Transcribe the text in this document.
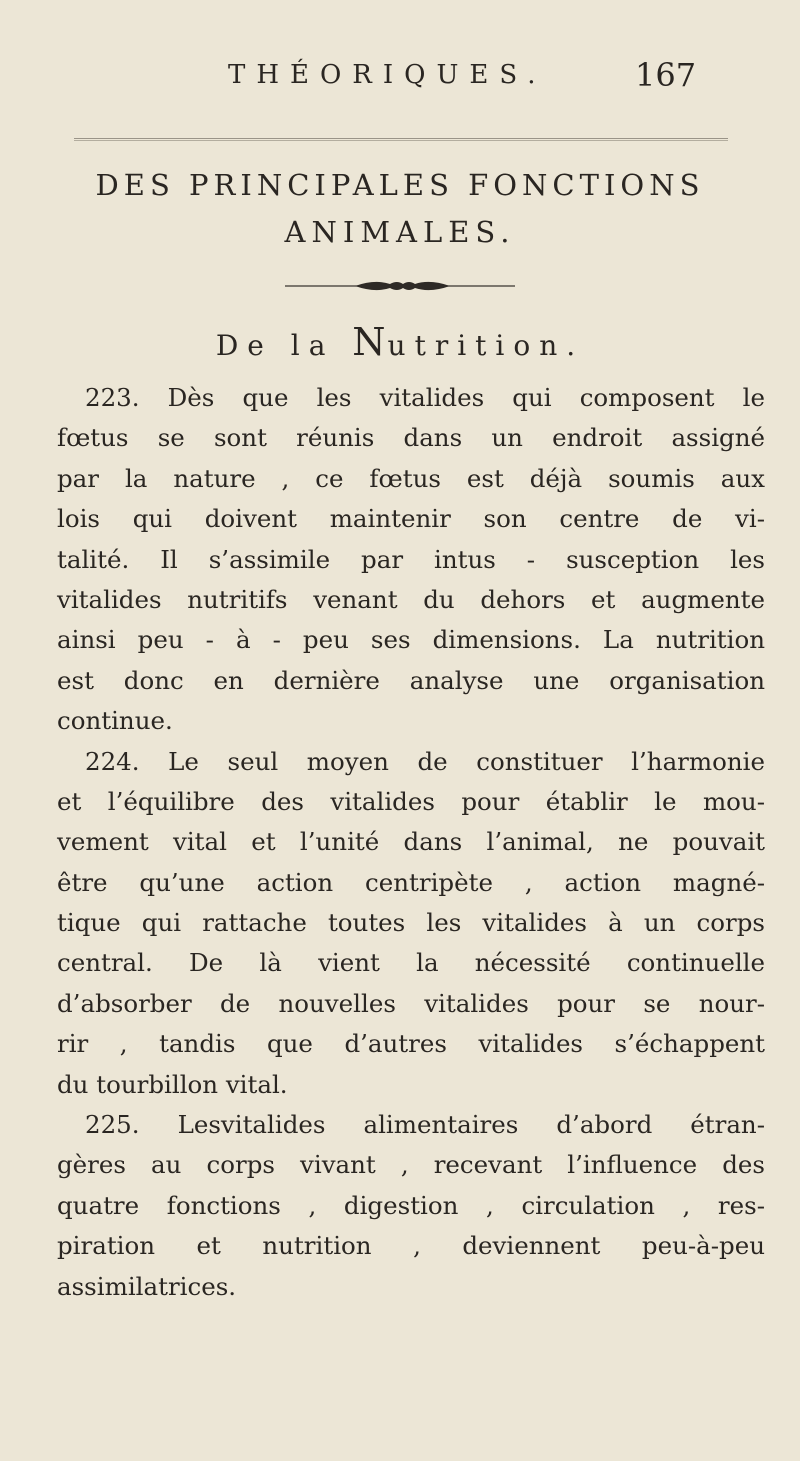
THÉORIQUES.	167
DES PRINCIPALES FONCTIONS
ANIMALES.
De la Nutrition.
223. Dès que les vitalides qui composent le
fœtus se sont réunis dans un endroit assigné
par la nature , ce fœtus est déjà soumis aux
lois qui doivent maintenir son centre de vi-
talité. Il s’assimile par intus - susception les
vitalides nutritifs venant du dehors et augmente
ainsi peu - à - peu ses dimensions. La nutrition
est donc en dernière analyse une organisation
continue.
224. Le seul moyen de constituer l’harmonie
et l’équilibre des vitalides pour établir le mou-
vement vital et l’unité dans l’animal, ne pouvait
être qu’une action centripète , action magné-
tique qui rattache toutes les vitalides à un corps
central. De là vient la nécessité continuelle
d’absorber de nouvelles vitalides pour se nour-
rir , tandis que d’autres vitalides s’échappent
du tourbillon vital.
225. Lesvitalides alimentaires d’abord étran-
gères au corps vivant , recevant l’influence des
quatre fonctions , digestion , circulation , res-
piration et nutrition , deviennent peu-à-peu
assimilatrices.
